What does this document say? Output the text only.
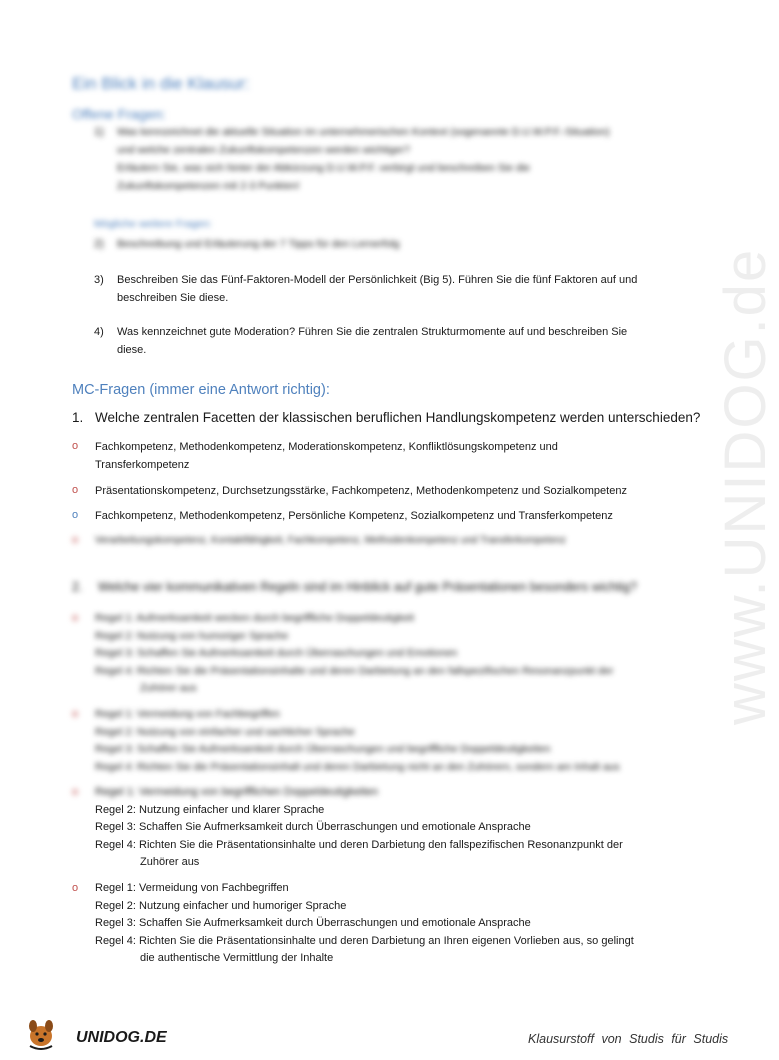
Ein Blick in die Klausur:
Offene Fragen:
1)	Was kennzeichnet die aktuelle Situation im unternehmerischen Kontext (sogenannte D.U.W.P.F.-Situation)
und welche zentralen Zukunftskompetenzen werden wichtiger?
Erläutern Sie, was sich hinter der Abkürzung D.U.W.P.F. verbirgt und beschreiben Sie die
Zukunftskompetenzen mit 2-3 Punkten!
Mögliche weitere Fragen:
2)	Beschreibung und Erläuterung der 7 Tipps für den Lernerfolg
3)	Beschreiben Sie das Fünf-Faktoren-Modell der Persönlichkeit (Big 5). Führen Sie die fünf Faktoren auf und
beschreiben Sie diese.
4)	Was kennzeichnet gute Moderation? Führen Sie die zentralen Strukturmomente auf und beschreiben Sie
diese.
MC-Fragen (immer eine Antwort richtig):
1. Welche zentralen Facetten der klassischen beruflichen Handlungskompetenz werden unterschieden?
o	Fachkompetenz, Methodenkompetenz, Moderationskompetenz, Konfliktlösungskompetenz und
Transferkompetenz
o	Präsentationskompetenz, Durchsetzungsstärke, Fachkompetenz, Methodenkompetenz und Sozialkompetenz
o	Fachkompetenz, Methodenkompetenz, Persönliche Kompetenz, Sozialkompetenz und Transferkompetenz
o	Verarbeitungskompetenz, Kontaktfähigkeit, Fachkompetenz, Methodenkompetenz und Transferkompetenz
2. Welche vier kommunikativen Regeln sind im Hinblick auf gute Präsentationen besonders wichtig?
o	Regel 1: Aufmerksamkeit wecken durch begriffliche Doppeldeutigkeit
Regel 2: Nutzung von humoriger Sprache
Regel 3: Schaffen Sie Aufmerksamkeit durch Überraschungen und Emotionen
Regel 4: Richten Sie die Präsentationsinhalte und deren Darbietung an den fallspezifischen Resonanzpunkt der
Zuhörer aus
o	Regel 1: Vermeidung von Fachbegriffen
Regel 2: Nutzung von einfacher und sachlicher Sprache
Regel 3: Schaffen Sie Aufmerksamkeit durch Überraschungen und begriffliche Doppeldeutigkeiten
Regel 4: Richten Sie die Präsentationsinhalt und deren Darbietung nicht an den Zuhörern, sondern am Inhalt aus
o	Regel 1: Vermeidung von begrifflichen Doppeldeutigkeiten
Regel 2: Nutzung einfacher und klarer Sprache
Regel 3: Schaffen Sie Aufmerksamkeit durch Überraschungen und emotionale Ansprache
Regel 4: Richten Sie die Präsentationsinhalte und deren Darbietung den fallspezifischen Resonanzpunkt der
Zuhörer aus
o	Regel 1: Vermeidung von Fachbegriffen
Regel 2: Nutzung einfacher und humoriger Sprache
Regel 3: Schaffen Sie Aufmerksamkeit durch Überraschungen und emotionale Ansprache
Regel 4: Richten Sie die Präsentationsinhalte und deren Darbietung an Ihren eigenen Vorlieben aus, so gelingt
die authentische Vermittlung der Inhalte
www.UNIDOG.de
UNIDOG.DE	Klausurstoff von Studis für Studis
